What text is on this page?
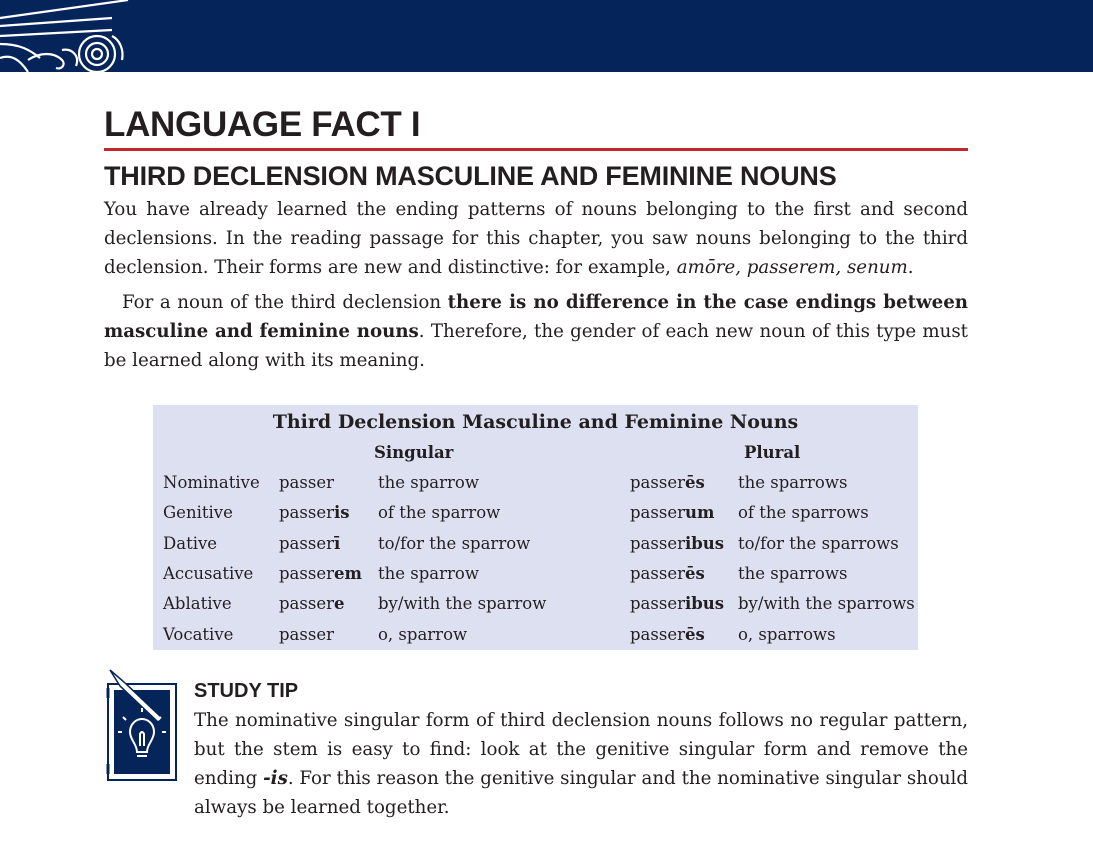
LANGUAGE FACT I
THIRD DECLENSION MASCULINE AND FEMININE NOUNS

You have already learned the ending patterns of nouns belonging to the first and second declensions. In the reading passage for this chapter, you saw nouns belonging to the third declension. Their forms are new and distinctive: for example, amōre, passerem, senum.

For a noun of the third declension there is no difference in the case endings between masculine and feminine nouns. Therefore, the gender of each new noun of this type must be learned along with its meaning.

Third Declension Masculine and Feminine Nouns
Singular	Plural
Nominative passer	the sparrow	passerēs the sparrows
Genitive	passeris of the sparrow	passerum of the sparrows
Dative	passerī to/for the sparrow	passeribus to/for the sparrows
Accusative passerem the sparrow	passerēs the sparrows
Ablative	passere by/with the sparrow	passeribus by/with the sparrows
Vocative	passer	o, sparrow	passerēs o, sparrows
STUDY TIP

The nominative singular form of third declension nouns follows no regular pattern, but the stem is easy to find: look at the genitive singular form and remove the ending -is. For this reason the genitive singular and the nominative singular should always be learned together.
